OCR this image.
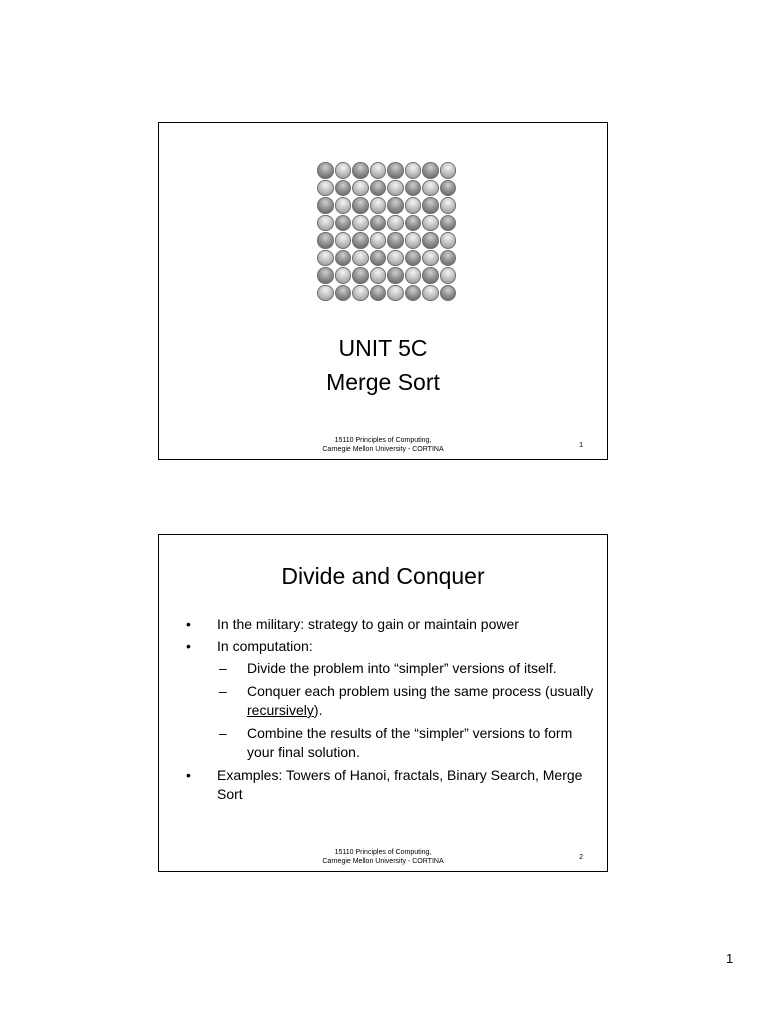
UNIT 5C
Merge Sort
15110 Principles of Computing,
Carnegie Mellon University - CORTINA
1
Divide and Conquer
• In the military: strategy to gain or maintain power
• In computation:
– Divide the problem into “simpler” versions of itself.
– Conquer each problem using the same process (usually recursively).
– Combine the results of the “simpler” versions to form your final solution.
• Examples: Towers of Hanoi, fractals, Binary Search, Merge Sort
15110 Principles of Computing,
Carnegie Mellon University - CORTINA
2
1
